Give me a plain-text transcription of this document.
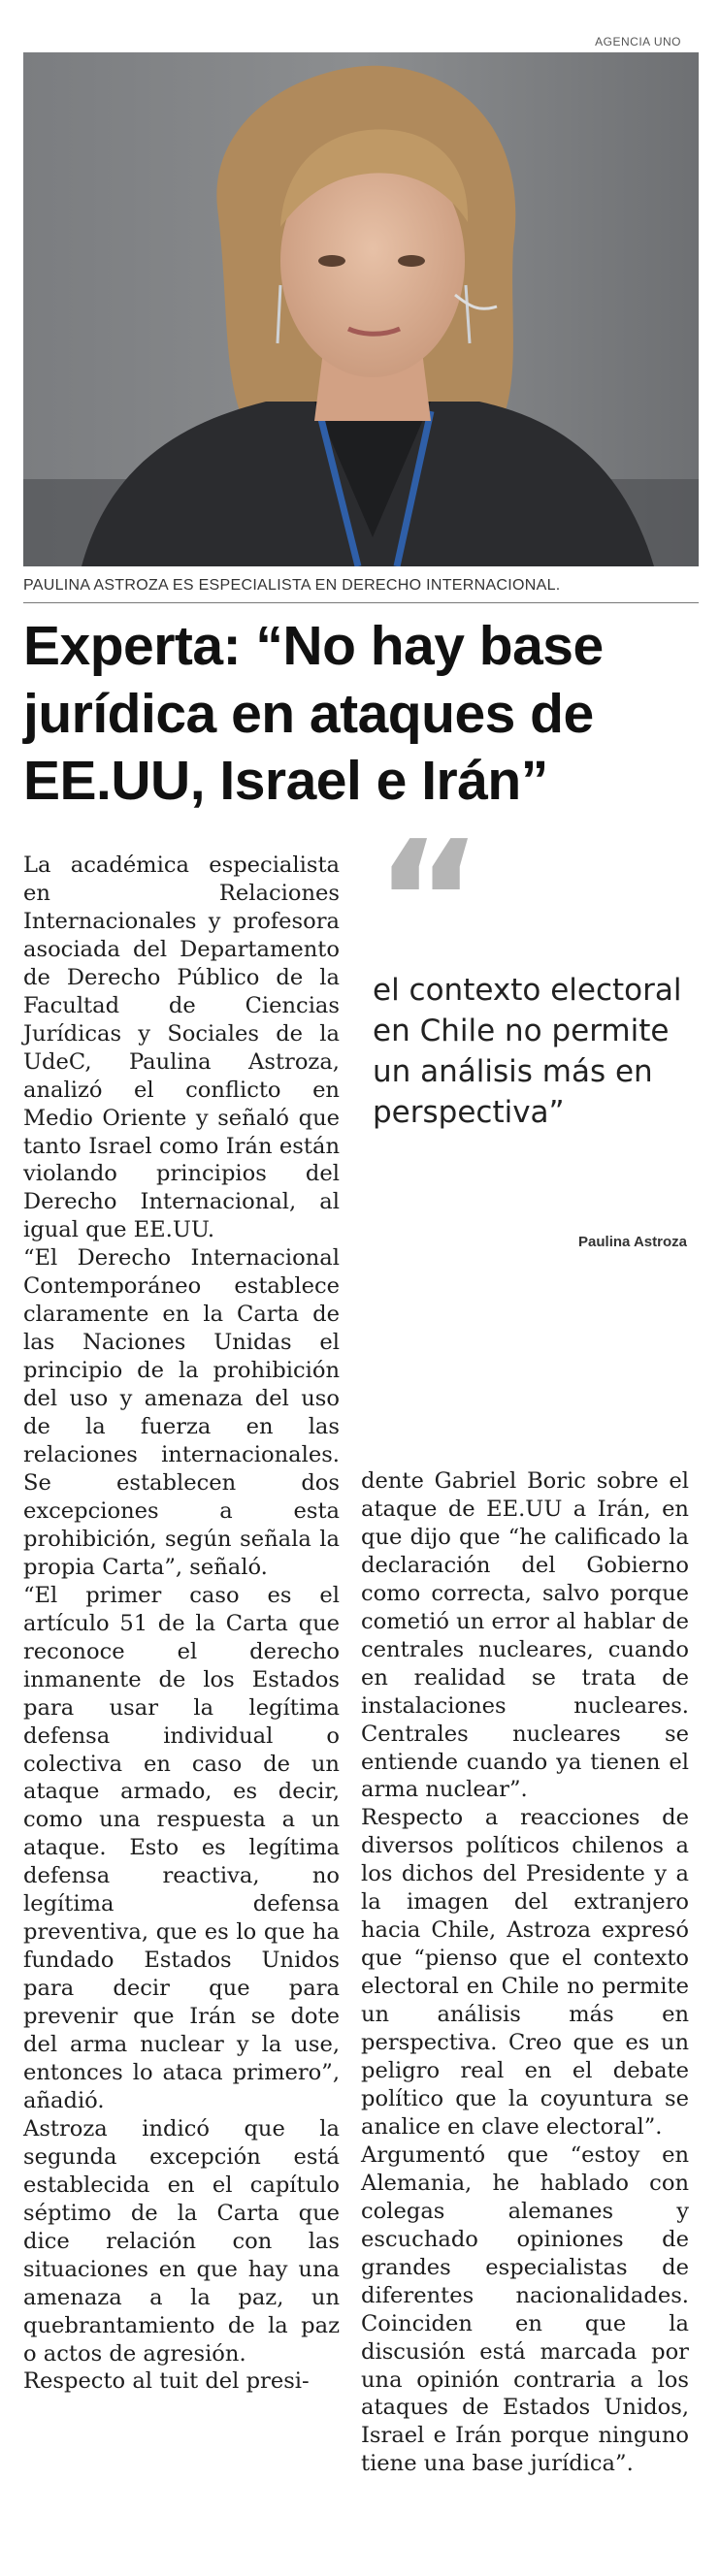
AGENCIA UNO
PAULINA ASTROZA ES ESPECIALISTA EN DERECHO INTERNACIONAL.
Experta: “No hay base jurídica en ataques de EE.UU, Israel e Irán”

La académica especialista en Relaciones Internacionales y profesora asociada del Departamento de Derecho Público de la Facultad de Ciencias Jurídicas y Sociales de la UdeC, Paulina Astroza, analizó el conflicto en Medio Oriente y señaló que tanto Israel como Irán están violando principios del Derecho Internacional, al igual que EE.UU.

“El Derecho Internacional Contemporáneo establece claramente en la Carta de las Naciones Unidas el principio de la prohibición del uso y amenaza del uso de la fuerza en las relaciones internacionales. Se establecen dos excepciones a esta prohibición, según señala la propia Carta”, señaló.

“El primer caso es el artículo 51 de la Carta que reconoce el derecho inmanente de los Estados para usar la legítima defensa individual o colectiva en caso de un ataque armado, es decir, como una respuesta a un ataque. Esto es legítima defensa reactiva, no legítima defensa preventiva, que es lo que ha fundado Estados Unidos para decir que para prevenir que Irán se dote del arma nuclear y la use, entonces lo ataca primero”, añadió.

Astroza indicó que la segunda excepción está establecida en el capítulo séptimo de la Carta que dice relación con las situaciones en que hay una amenaza a la paz, un quebrantamiento de la paz o actos de agresión.

Respecto al tuit del presi-

“
el contexto electoral en Chile no permite un análisis más en perspectiva”
Paulina Astroza

dente Gabriel Boric sobre el ataque de EE.UU a Irán, en que dijo que “he calificado la declaración del Gobierno como correcta, salvo porque cometió un error al hablar de centrales nucleares, cuando en realidad se trata de instalaciones nucleares. Centrales nucleares se entiende cuando ya tienen el arma nuclear”.

Respecto a reacciones de diversos políticos chilenos a los dichos del Presidente y a la imagen del extranjero hacia Chile, Astroza expresó que “pienso que el contexto electoral en Chile no permite un análisis más en perspectiva. Creo que es un peligro real en el debate político que la coyuntura se analice en clave electoral”.

Argumentó que “estoy en Alemania, he hablado con colegas alemanes y escuchado opiniones de grandes especialistas de diferentes nacionalidades. Coinciden en que la discusión está marcada por una opinión contraria a los ataques de Estados Unidos, Israel e Irán porque ninguno tiene una base jurídica”.
